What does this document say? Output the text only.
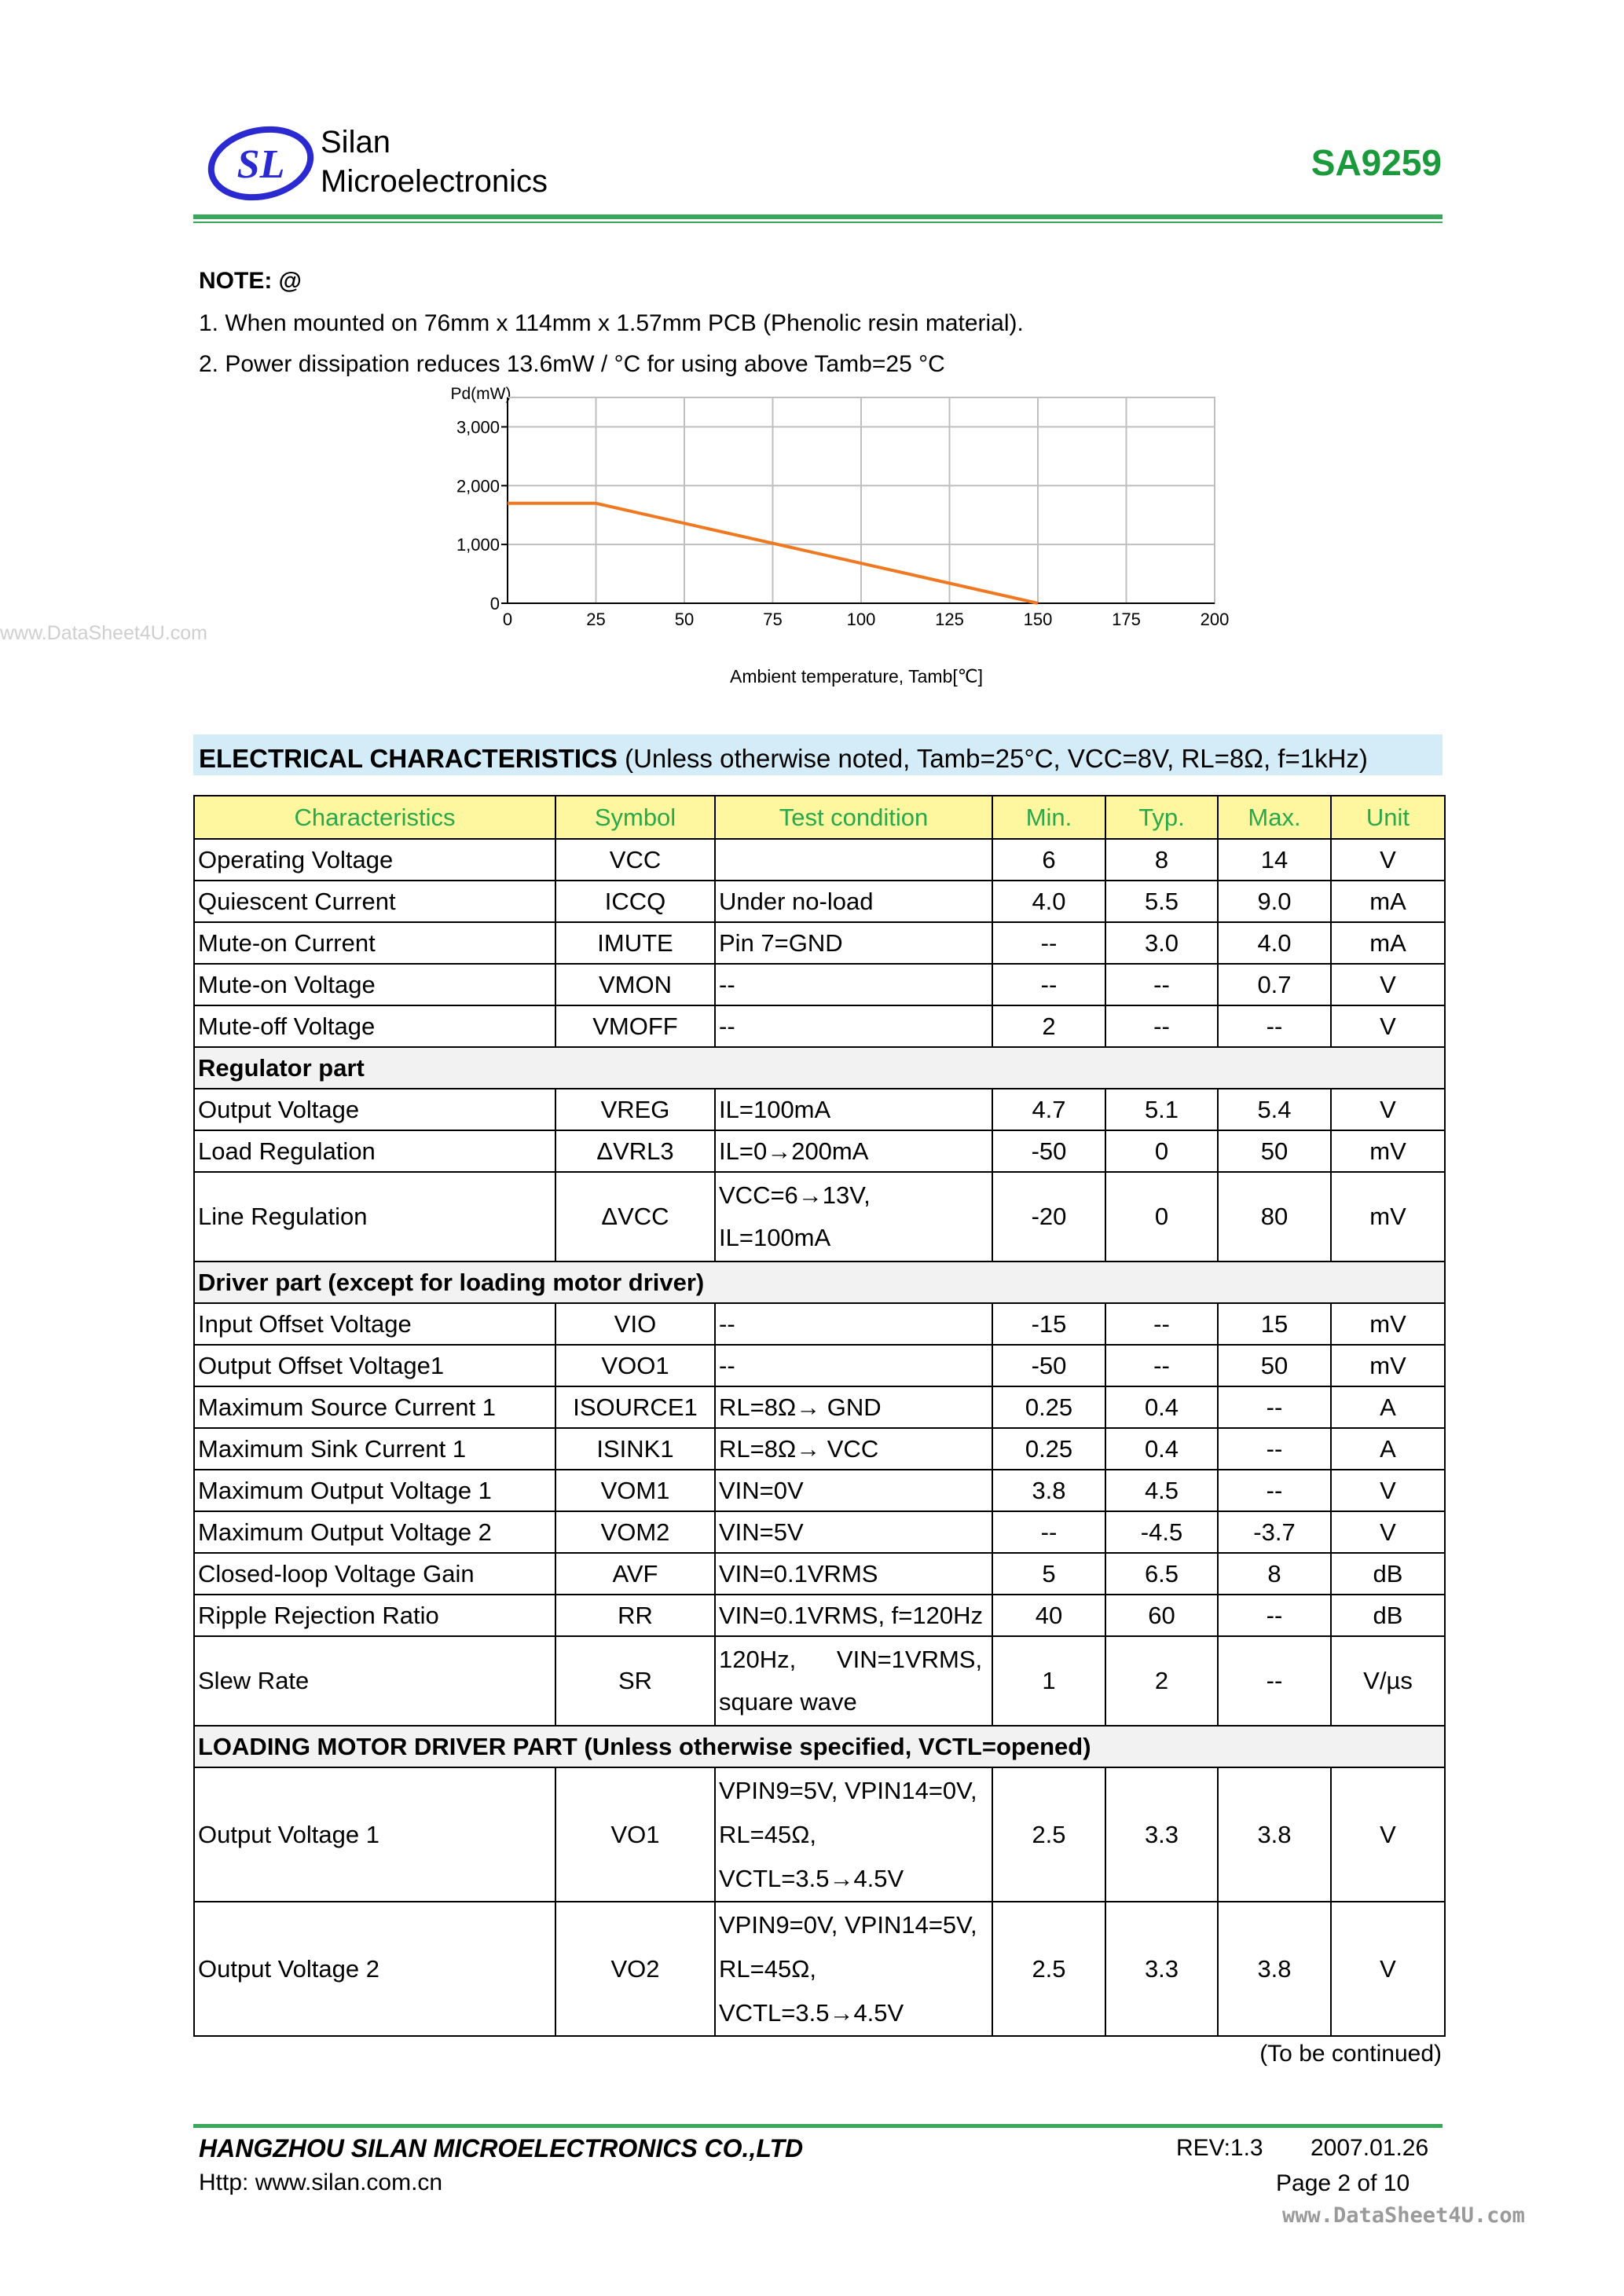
SL Silan
Microelectronics	SA9259
NOTE: @
1. When mounted on 76mm x 114mm x 1.57mm PCB (Phenolic resin material).
2. Power dissipation reduces 13.6mW / °C for using above Tamb=25 °C
www.DataSheet4U.com
Pd(mW)
Ambient temperature, Tamb[℃]
0	25	50	75	100	125	150	175	200
0
1,000
2,000
3,000
ELECTRICAL CHARACTERISTICS (Unless otherwise noted, Tamb=25°C, VCC=8V, RL=8Ω, f=1kHz)
Characteristics	Symbol	Test condition	Min.	Typ.	Max.	Unit
Operating Voltage	VCC		6	8	14	V
Quiescent Current	ICCQ	Under no-load	4.0	5.5	9.0	mA
Mute-on Current	IMUTE	Pin 7=GND	--	3.0	4.0	mA
Mute-on Voltage	VMON	--	--	--	0.7	V
Mute-off Voltage	VMOFF	--	2	--	--	V
Regulator part						
Output Voltage	VREG	IL=100mA	4.7	5.1	5.4	V
Load Regulation	ΔVRL3	IL=0→200mA	-50	0	50	mV
Line Regulation	ΔVCC	VCC=6→13V,
IL=100mA	-20	0	80	mV
Driver part (except for loading motor driver)						
Input Offset Voltage	VIO	--	-15	--	15	mV
Output Offset Voltage1	VOO1	--	-50	--	50	mV
Maximum Source Current 1	ISOURCE1	RL=8Ω→ GND	0.25	0.4	--	A
Maximum Sink Current 1	ISINK1	RL=8Ω→ VCC	0.25	0.4	--	A
Maximum Output Voltage 1	VOM1	VIN=0V	3.8	4.5	--	V
Maximum Output Voltage 2	VOM2	VIN=5V	--	-4.5	-3.7	V
Closed-loop Voltage Gain	AVF	VIN=0.1VRMS	5	6.5	8	dB
Ripple Rejection Ratio	RR	VIN=0.1VRMS, f=120Hz	40	60	--	dB
Slew Rate	SR	120Hz,      VIN=1VRMS,
square wave	1	2	--	V/µs
LOADING MOTOR DRIVER PART (Unless otherwise specified, VCTL=opened)						
Output Voltage 1	VO1	VPIN9=5V, VPIN14=0V,
RL=45Ω,
VCTL=3.5→4.5V	2.5	3.3	3.8	V
Output Voltage 2	VO2	VPIN9=0V, VPIN14=5V,
RL=45Ω,
VCTL=3.5→4.5V	2.5	3.3	3.8	V
(To be continued)
HANGZHOU SILAN MICROELECTRONICS CO.,LTD
Http: www.silan.com.cn
REV:1.3 2007.01.26
Page 2 of 10
www.DataSheet4U.com
